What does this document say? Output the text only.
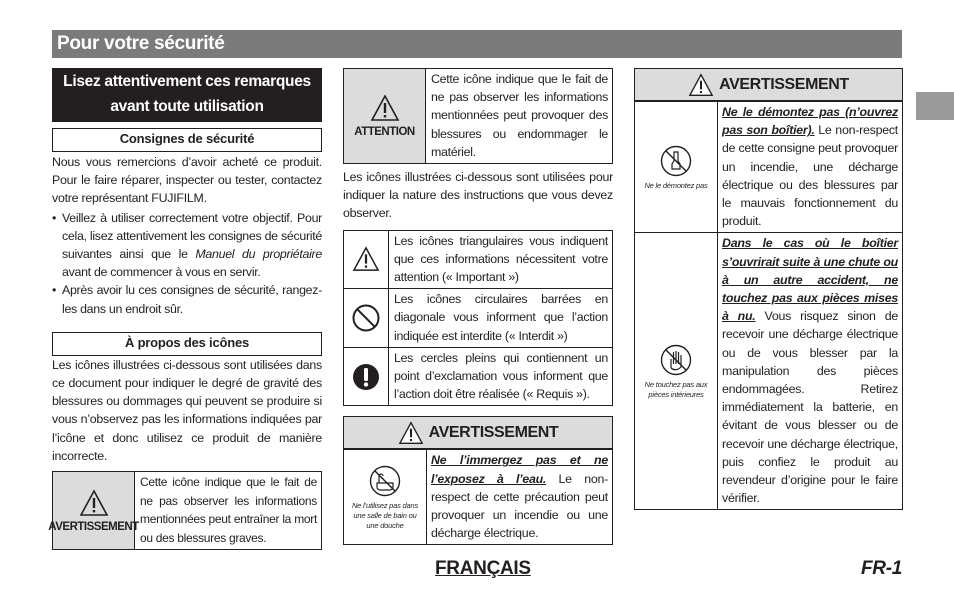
Pour votre sécurité
Lisez attentivement ces remarques avant toute utilisation
Consignes de sécurité

Nous vous remercions d’avoir acheté ce produit. Pour le faire réparer, inspecter ou tester, contactez votre représentant FUJIFILM.

• Veillez à utiliser correctement votre objectif. Pour cela, lisez attentivement les consignes de sécurité suivantes ainsi que le Manuel du propriétaire avant de commencer à vous en servir.
• Après avoir lu ces consignes de sécurité, rangez-les dans un endroit sûr.
À propos des icônes

Les icônes illustrées ci-dessous sont utilisées dans ce document pour indiquer le degré de gravité des blessures ou dommages qui peuvent se produire si vous n’observez pas les informations indiquées par l’icône et donc utilisez ce produit de manière incorrecte.

AVERTISSEMENT
Cette icône indique que le fait de ne pas observer les informations mentionnées peut entraîner la mort ou des blessures graves.
ATTENTION
Cette icône indique que le fait de ne pas observer les informations mentionnées peut provoquer des blessures ou endommager le matériel.

Les icônes illustrées ci-dessous sont utilisées pour indiquer la nature des instructions que vous devez observer.

Les icônes triangulaires vous indiquent que ces informations nécessitent votre attention (« Important »)
Les icônes circulaires barrées en diagonale vous informent que l’action indiquée est interdite (« Interdit »)
Les cercles pleins qui contiennent un point d’exclamation vous informent que l’action doit être réalisée (« Requis »).
AVERTISSEMENT
Ne l’utilisez pas dans une salle de bain ou une douche
Ne l’immergez pas et ne l’exposez à l’eau. Le non-respect de cette précaution peut provoquer un incendie ou une décharge électrique.
AVERTISSEMENT
Ne le démontez pas
Ne le démontez pas (n’ouvrez pas son boîtier). Le non-respect de cette consigne peut provoquer un incendie, une décharge électrique ou des blessures par le mauvais fonctionnement du produit.
Ne touchez pas aux pièces intérieures
Dans le cas où le boîtier s’ouvrirait suite à une chute ou à un autre accident, ne touchez pas aux pièces mises à nu. Vous risquez sinon de recevoir une décharge électrique ou de vous blesser par la manipulation des pièces endommagées. Retirez immédiatement la batterie, en évitant de vous blesser ou de recevoir une décharge électrique, puis confiez le produit au revendeur d’origine pour le faire vérifier.
FRANÇAIS	FR-1
